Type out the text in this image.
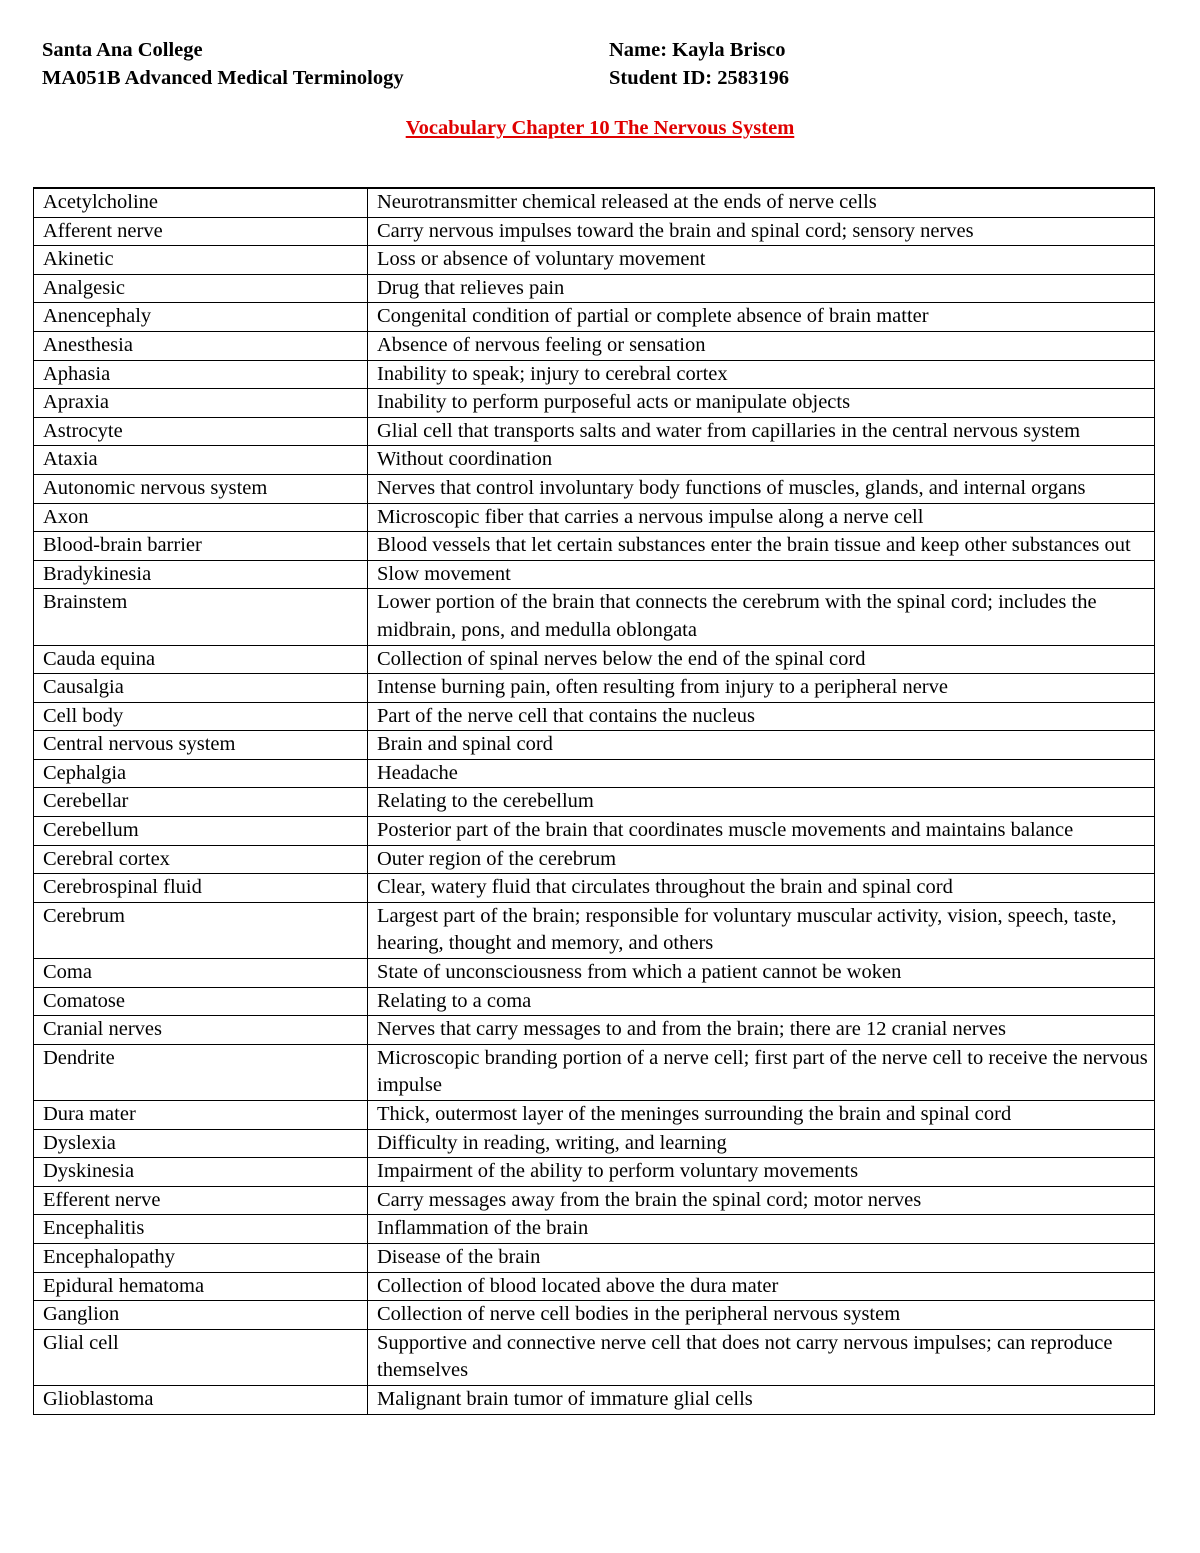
Santa Ana College
MA051B Advanced Medical Terminology
Name: Kayla Brisco
Student ID: 2583196
Vocabulary Chapter 10 The Nervous System
Acetylcholine	Neurotransmitter chemical released at the ends of nerve cells
Afferent nerve	Carry nervous impulses toward the brain and spinal cord; sensory nerves
Akinetic	Loss or absence of voluntary movement
Analgesic	Drug that relieves pain
Anencephaly	Congenital condition of partial or complete absence of brain matter
Anesthesia	Absence of nervous feeling or sensation
Aphasia	Inability to speak; injury to cerebral cortex
Apraxia	Inability to perform purposeful acts or manipulate objects
Astrocyte	Glial cell that transports salts and water from capillaries in the central nervous system
Ataxia	Without coordination
Autonomic nervous system	Nerves that control involuntary body functions of muscles, glands, and internal organs
Axon	Microscopic fiber that carries a nervous impulse along a nerve cell
Blood-brain barrier	Blood vessels that let certain substances enter the brain tissue and keep other substances out
Bradykinesia	Slow movement
Brainstem	Lower portion of the brain that connects the cerebrum with the spinal cord; includes the midbrain, pons, and medulla oblongata
Cauda equina	Collection of spinal nerves below the end of the spinal cord
Causalgia	Intense burning pain, often resulting from injury to a peripheral nerve
Cell body	Part of the nerve cell that contains the nucleus
Central nervous system	Brain and spinal cord
Cephalgia	Headache
Cerebellar	Relating to the cerebellum
Cerebellum	Posterior part of the brain that coordinates muscle movements and maintains balance
Cerebral cortex	Outer region of the cerebrum
Cerebrospinal fluid	Clear, watery fluid that circulates throughout the brain and spinal cord
Cerebrum	Largest part of the brain; responsible for voluntary muscular activity, vision, speech, taste, hearing, thought and memory, and others
Coma	State of unconsciousness from which a patient cannot be woken
Comatose	Relating to a coma
Cranial nerves	Nerves that carry messages to and from the brain; there are 12 cranial nerves
Dendrite	Microscopic branding portion of a nerve cell; first part of the nerve cell to receive the nervous impulse
Dura mater	Thick, outermost layer of the meninges surrounding the brain and spinal cord
Dyslexia	Difficulty in reading, writing, and learning
Dyskinesia	Impairment of the ability to perform voluntary movements
Efferent nerve	Carry messages away from the brain the spinal cord; motor nerves
Encephalitis	Inflammation of the brain
Encephalopathy	Disease of the brain
Epidural hematoma	Collection of blood located above the dura mater
Ganglion	Collection of nerve cell bodies in the peripheral nervous system
Glial cell	Supportive and connective nerve cell that does not carry nervous impulses; can reproduce themselves
Glioblastoma	Malignant brain tumor of immature glial cells
